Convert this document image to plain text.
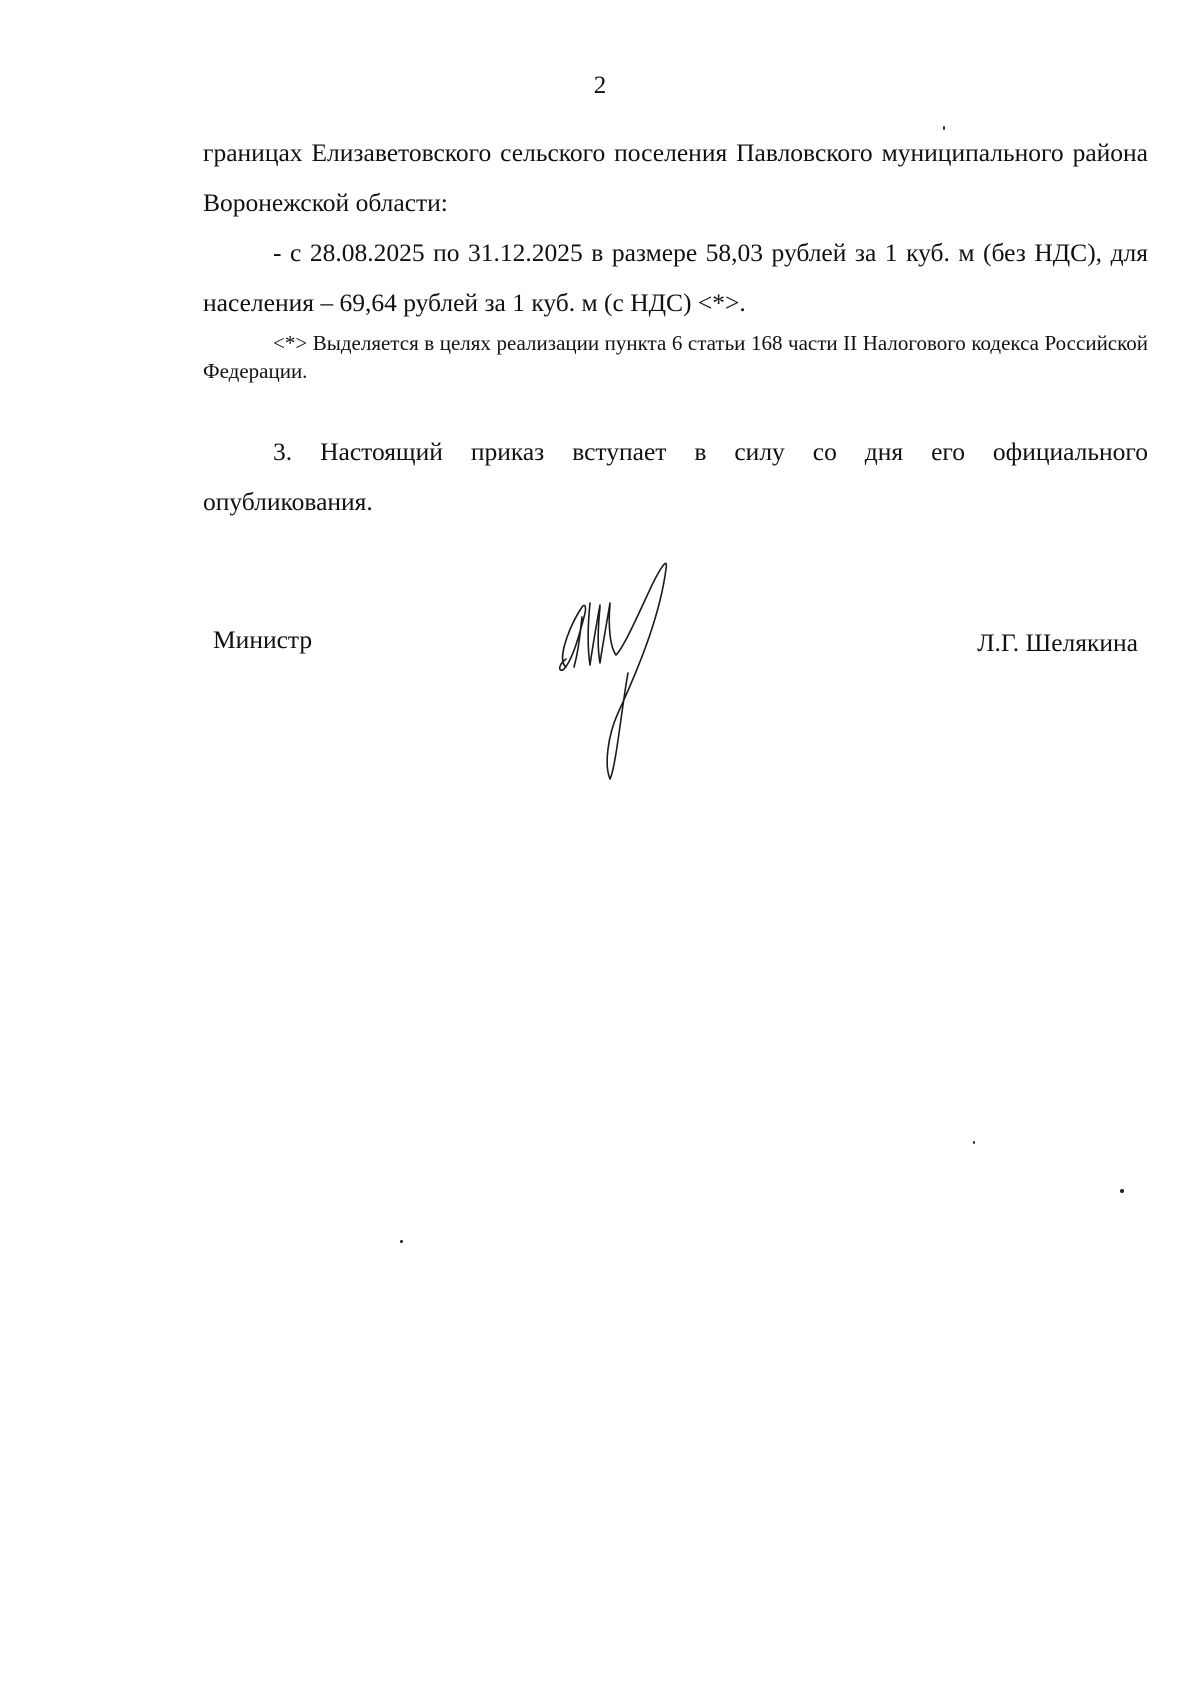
2
границах Елизаветовского сельского поселения Павловского муниципального района Воронежской области:
- с 28.08.2025 по 31.12.2025 в размере 58,03 рублей за 1 куб. м (без НДС), для населения – 69,64 рублей за 1 куб. м (с НДС) <*>.
<*> Выделяется в целях реализации пункта 6 статьи 168 части II Налогового кодекса Российской Федерации.
3. Настоящий приказ вступает в силу со дня его официального опубликования.
Министр	Л.Г. Шелякина
